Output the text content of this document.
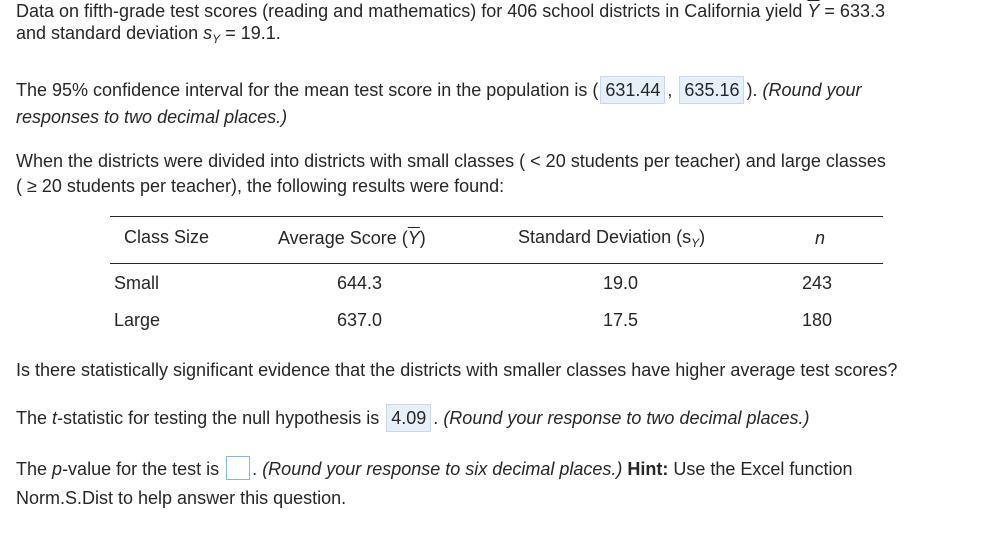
Data on fifth-grade test scores (reading and mathematics) for 406 school districts in California yield $\overline{Y} = 633.3$
and standard deviation $s_Y = 19.1$.
The 95% confidence interval for the mean test score in the population is ( 631.44 , 635.16 ). (Round your
responses to two decimal places.)
When the districts were divided into districts with small classes ( < 20 students per teacher) and large classes
( ≥ 20 students per teacher), the following results were found:
Class Size	Average Score $(\overline{Y})$	Standard Deviation $(s_Y)$	n
Small	644.3	19.0	243
Large	637.0	17.5	180
Is there statistically significant evidence that the districts with smaller classes have higher average test scores?
The t-statistic for testing the null hypothesis is 4.09 . (Round your response to two decimal places.)
The p-value for the test is . (Round your response to six decimal places.) Hint: Use the Excel function
Norm.S.Dist to help answer this question.
